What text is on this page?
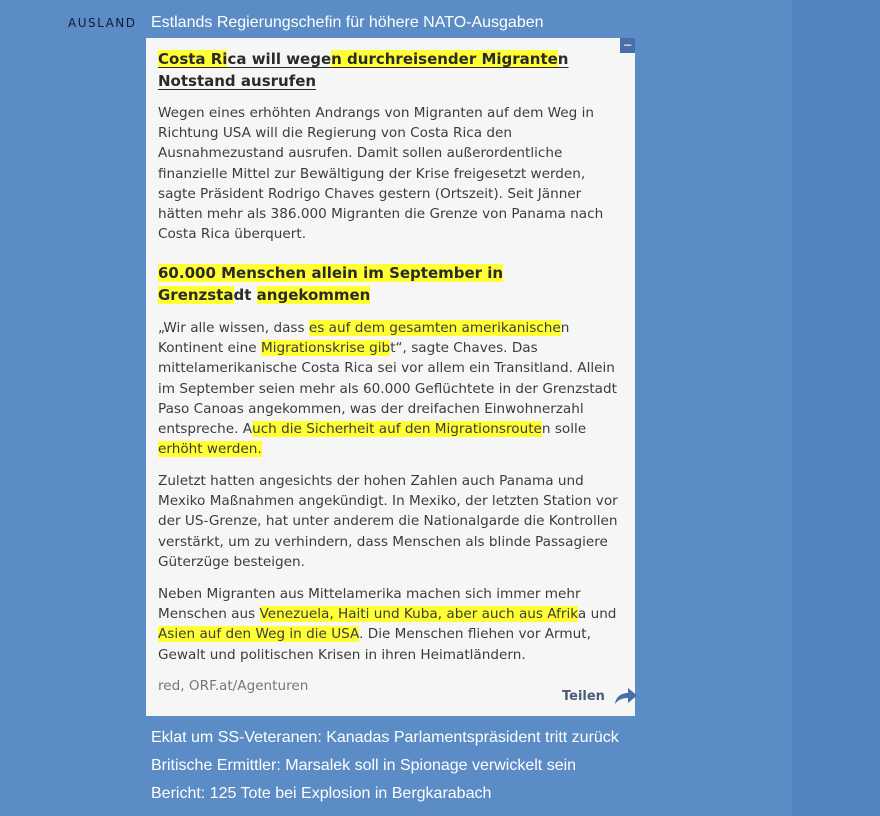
AUSLAND Estlands Regierungschefin für höhere NATO-Ausgaben
−
Costa Rica will wegen durchreisender Migranten Notstand ausrufen
Wegen eines erhöhten Andrangs von Migranten auf dem Weg in Richtung USA will die Regierung von Costa Rica den Ausnahmezustand ausrufen. Damit sollen außerordentliche finanzielle Mittel zur Bewältigung der Krise freigesetzt werden, sagte Präsident Rodrigo Chaves gestern (Ortszeit). Seit Jänner hätten mehr als 386.000 Migranten die Grenze von Panama nach Costa Rica überquert.
60.000 Menschen allein im September in Grenzstadt angekommen
„Wir alle wissen, dass es auf dem gesamten amerikanischen Kontinent eine Migrationskrise gibt“, sagte Chaves. Das mittelamerikanische Costa Rica sei vor allem ein Transitland. Allein im September seien mehr als 60.000 Geflüchtete in der Grenzstadt Paso Canoas angekommen, was der dreifachen Einwohnerzahl entspreche. Auch die Sicherheit auf den Migrationsrouten solle erhöht werden.
Zuletzt hatten angesichts der hohen Zahlen auch Panama und Mexiko Maßnahmen angekündigt. In Mexiko, der letzten Station vor der US-Grenze, hat unter anderem die Nationalgarde die Kontrollen verstärkt, um zu verhindern, dass Menschen als blinde Passagiere Güterzüge besteigen.
Neben Migranten aus Mittelamerika machen sich immer mehr Menschen aus Venezuela, Haiti und Kuba, aber auch aus Afrika und Asien auf den Weg in die USA. Die Menschen fliehen vor Armut, Gewalt und politischen Krisen in ihren Heimatländern.
red, ORF.at/Agenturen
Teilen
Eklat um SS-Veteranen: Kanadas Parlamentspräsident tritt zurück
Britische Ermittler: Marsalek soll in Spionage verwickelt sein
Bericht: 125 Tote bei Explosion in Bergkarabach
